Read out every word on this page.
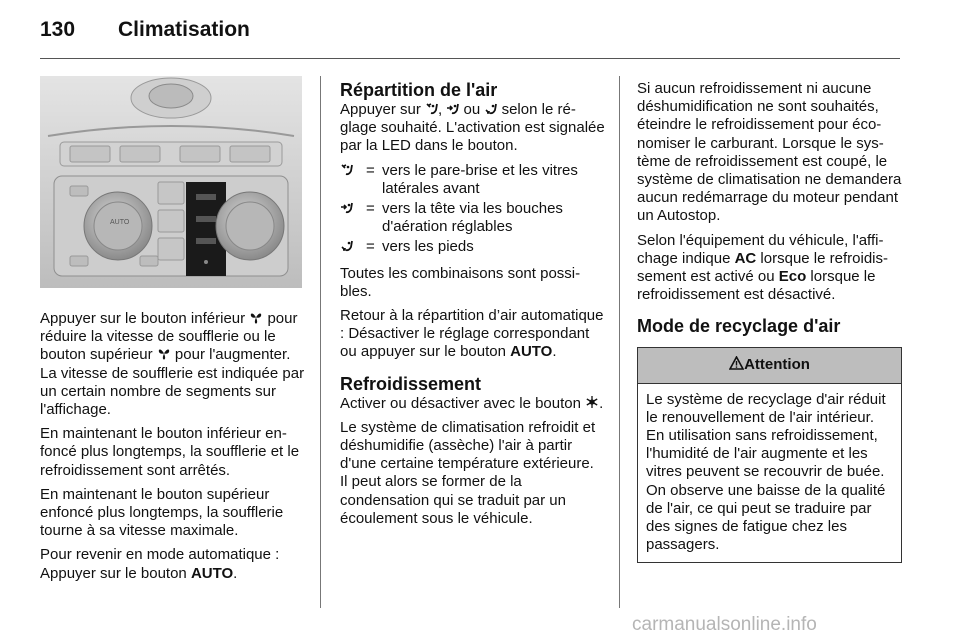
130 Climatisation
AUTO

Appuyer sur le bouton inférieur  pour réduire la vitesse de soufflerie ou le bouton supérieur  pour l'augmenter. La vitesse de soufflerie est indiquée par un certain nombre de segments sur l'affichage.

En maintenant le bouton inférieur enfoncé plus longtemps, la soufflerie et le refroidissement sont arrêtés.

En maintenant le bouton supérieur enfoncé plus longtemps, la soufflerie tourne à sa vitesse maximale.

Pour revenir en mode automatique : Appuyer sur le bouton AUTO.

Répartition de l'air

Appuyer sur ,  ou  selon le réglage souhaité. L'activation est signalée par la LED dans le bouton.

= vers le pare-brise et les vitres latérales avant
= vers la tête via les bouches d'aération réglables
= vers les pieds

Toutes les combinaisons sont possibles.

Retour à la répartition d’air automatique : Désactiver le réglage correspondant ou appuyer sur le bouton AUTO.

Refroidissement

Activer ou désactiver avec le bouton .

Le système de climatisation refroidit et déshumidifie (assèche) l'air à partir d'une certaine température extérieure. Il peut alors se former de la condensation qui se traduit par un écoulement sous le véhicule.

Si aucun refroidissement ni aucune déshumidification ne sont souhaités, éteindre le refroidissement pour économiser le carburant. Lorsque le système de refroidissement est coupé, le système de climatisation ne demandera aucun redémarrage du moteur pendant un Autostop.

Selon l'équipement du véhicule, l'affichage indique AC lorsque le refroidissement est activé ou Eco lorsque le refroidissement est désactivé.

Mode de recyclage d'air
Attention
Le système de recyclage d'air réduit le renouvellement de l'air intérieur. En utilisation sans refroidissement, l'humidité de l'air augmente et les vitres peuvent se recouvrir de buée. On observe une baisse de la qualité de l'air, ce qui peut se traduire par des signes de fatigue chez les passagers.
carmanualsonline.info
